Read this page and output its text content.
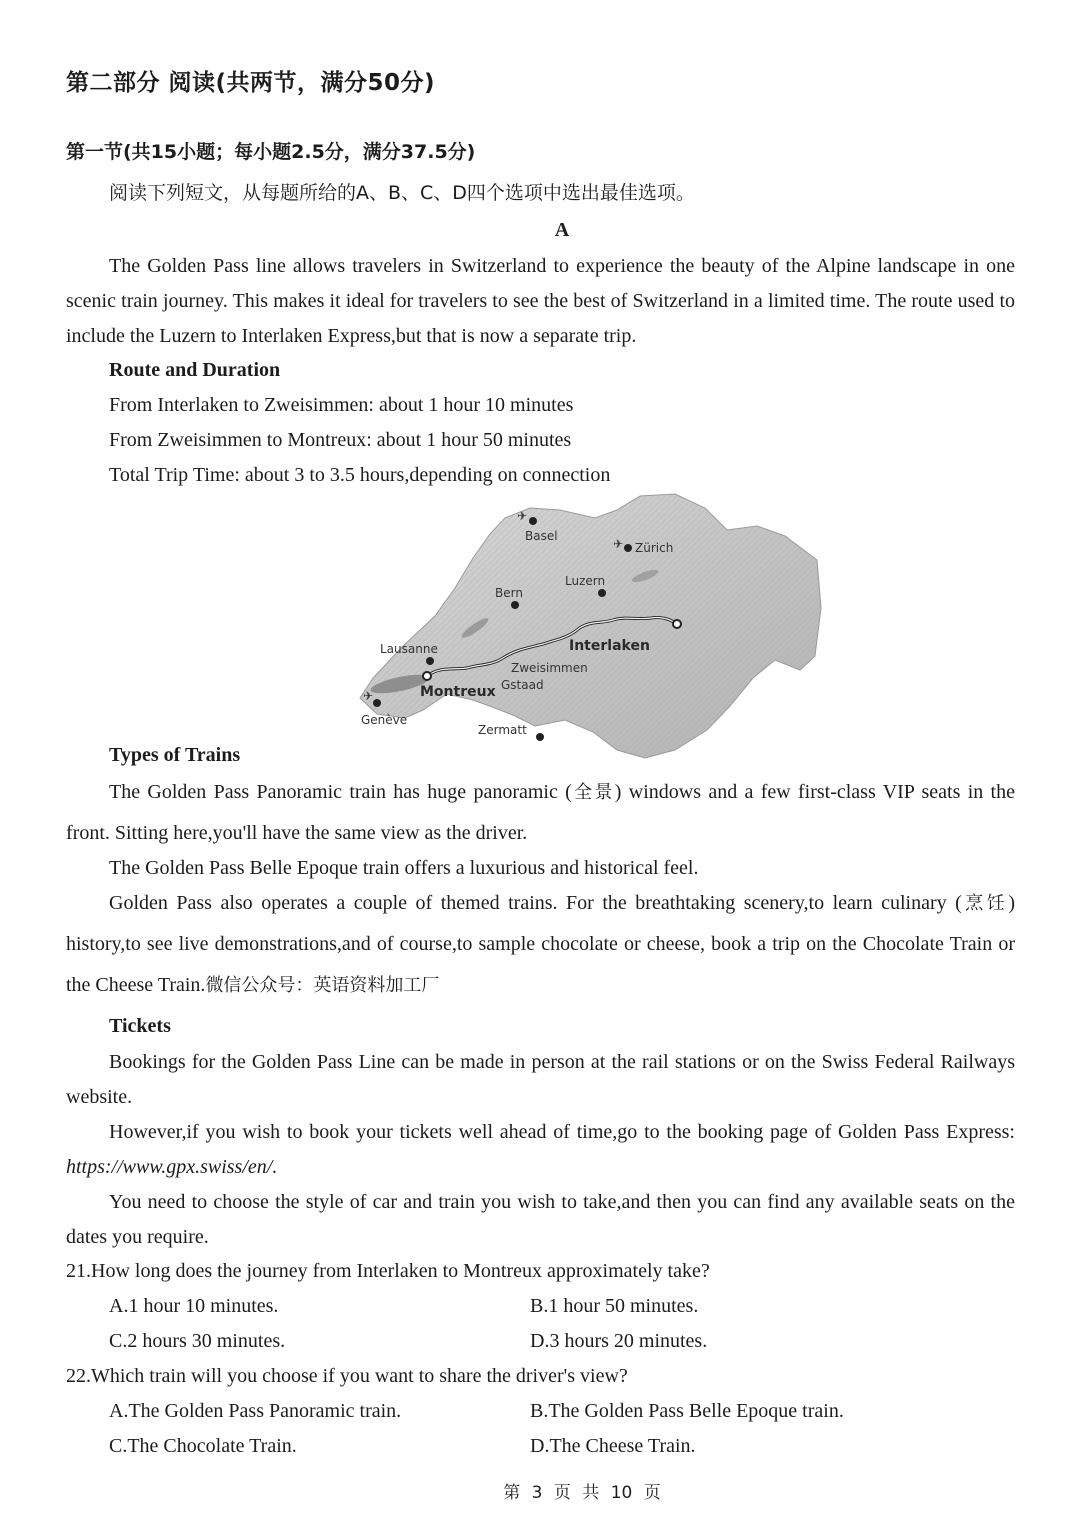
第二部分 阅读(共两节，满分50分)
第一节(共15小题；每小题2.5分，满分37.5分)
阅读下列短文，从每题所给的A、B、C、D四个选项中选出最佳选项。
A

The Golden Pass line allows travelers in Switzerland to experience the beauty of the Alpine landscape in one scenic train journey. This makes it ideal for travelers to see the best of Switzerland in a limited time. The route used to include the Luzern to Interlaken Express,but that is now a separate trip.

Route and Duration
From Interlaken to Zweisimmen: about 1 hour 10 minutes
From Zweisimmen to Montreux: about 1 hour 50 minutes
Total Trip Time: about 3 to 3.5 hours,depending on connection
✈
✈
✈
Basel
Zürich
Luzern
Bern
Interlaken
Lausanne
Zweisimmen
Gstaad
Montreux
Genève
Zermatt
Types of Trains

The Golden Pass Panoramic train has huge panoramic (全景) windows and a few first-class VIP seats in the front. Sitting here,you'll have the same view as the driver.

The Golden Pass Belle Epoque train offers a luxurious and historical feel.

Golden Pass also operates a couple of themed trains. For the breathtaking scenery,to learn culinary (烹饪) history,to see live demonstrations,and of course,to sample chocolate or cheese, book a trip on the Chocolate Train or the Cheese Train.微信公众号：英语资料加工厂

Tickets

Bookings for the Golden Pass Line can be made in person at the rail stations or on the Swiss Federal Railways website.

However,if you wish to book your tickets well ahead of time,go to the booking page of Golden Pass Express: https://www.gpx.swiss/en/.

You need to choose the style of car and train you wish to take,and then you can find any available seats on the dates you require.

21.How long does the journey from Interlaken to Montreux approximately take?
A.1 hour 10 minutes.	B.1 hour 50 minutes.
C.2 hours 30 minutes.	D.3 hours 20 minutes.
22.Which train will you choose if you want to share the driver's view?
A.The Golden Pass Panoramic train.	B.The Golden Pass Belle Epoque train.
C.The Chocolate Train.	D.The Cheese Train.
第 3 页 共 10 页
